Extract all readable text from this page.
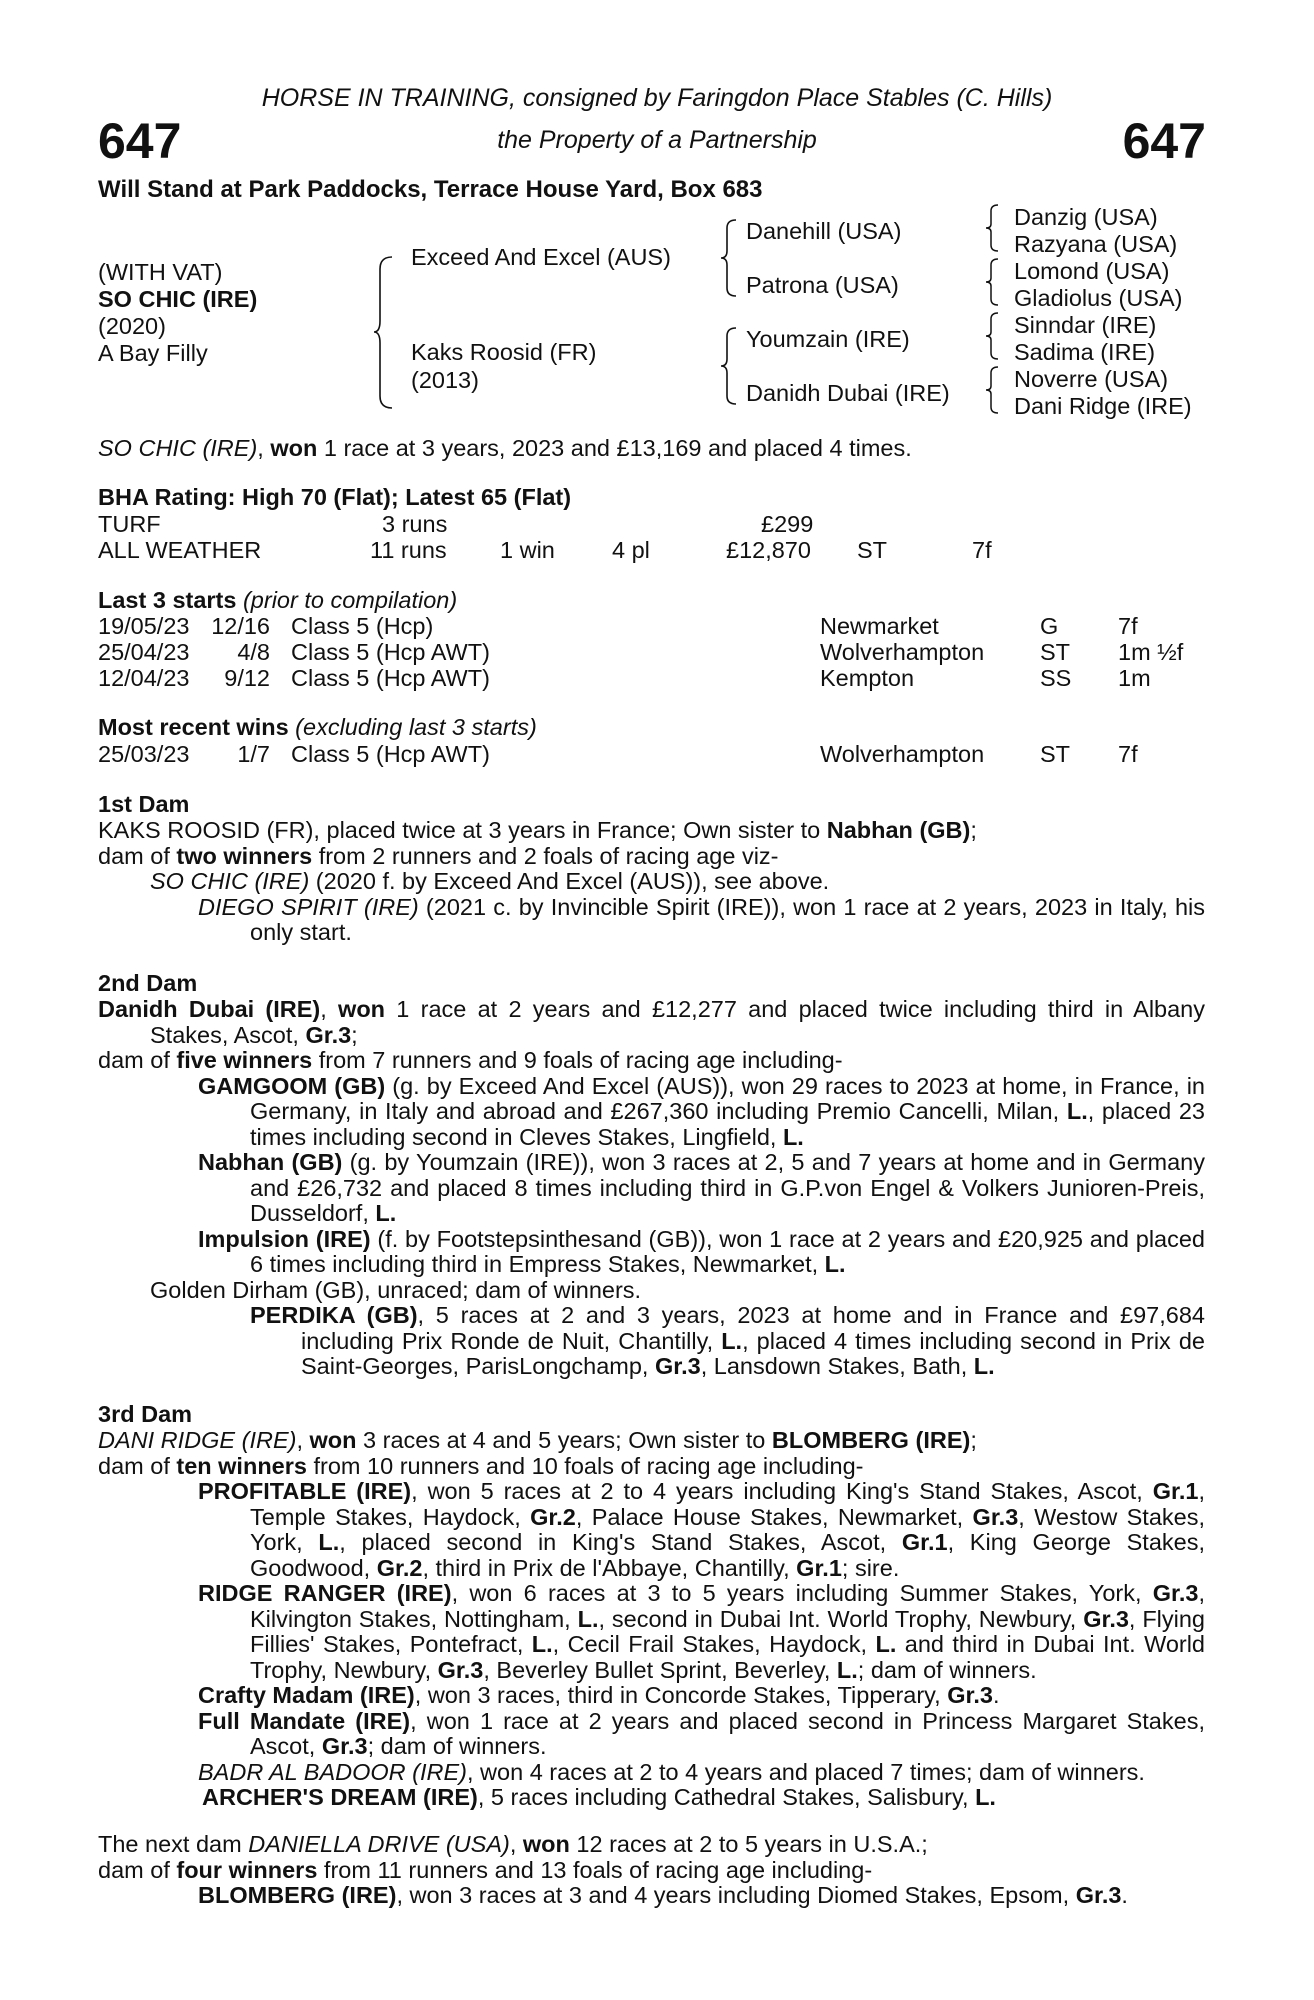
647	647
HORSE IN TRAINING, consigned by Faringdon Place Stables (C. Hills)
the Property of a Partnership
Will Stand at Park Paddocks, Terrace House Yard, Box 683
(WITH VAT)
SO CHIC (IRE)
(2020)
A Bay Filly
Exceed And Excel (AUS)
Kaks Roosid (FR)
(2013)
Danehill (USA)
Patrona (USA)
Youmzain (IRE)
Danidh Dubai (IRE)
Danzig (USA)
Razyana (USA)
Lomond (USA)
Gladiolus (USA)
Sinndar (IRE)
Sadima (IRE)
Noverre (USA)
Dani Ridge (IRE)
SO CHIC (IRE), won 1 race at 3 years, 2023 and £13,169 and placed 4 times.
BHA Rating: High 70 (Flat); Latest 65 (Flat)
TURF	3 runs	£299
ALL WEATHER	11 runs 1 win 4 pl	£12,870 ST	7f
Last 3 starts (prior to compilation)
19/05/23 12/16 Class 5 (Hcp)	Newmarket	G	7f
25/04/23	4/8 Class 5 (Hcp AWT)	Wolverhampton ST 1m ½f
12/04/23	9/12 Class 5 (Hcp AWT)	Kempton	SS 1m
Most recent wins (excluding last 3 starts)
25/03/23	1/7 Class 5 (Hcp AWT)	Wolverhampton ST 7f
1st Dam

KAKS ROOSID (FR), placed twice at 3 years in France; Own sister to Nabhan (GB);

dam of two winners from 2 runners and 2 foals of racing age viz-

SO CHIC (IRE) (2020 f. by Exceed And Excel (AUS)), see above.

DIEGO SPIRIT (IRE) (2021 c. by Invincible Spirit (IRE)), won 1 race at 2 years, 2023 in Italy, his only start.

2nd Dam

Danidh Dubai (IRE), won 1 race at 2 years and £12,277 and placed twice including third in Albany Stakes, Ascot, Gr.3;

dam of five winners from 7 runners and 9 foals of racing age including-

GAMGOOM (GB) (g. by Exceed And Excel (AUS)), won 29 races to 2023 at home, in France, in Germany, in Italy and abroad and £267,360 including Premio Cancelli, Milan, L., placed 23 times including second in Cleves Stakes, Lingfield, L.

Nabhan (GB) (g. by Youmzain (IRE)), won 3 races at 2, 5 and 7 years at home and in Germany and £26,732 and placed 8 times including third in G.P.von Engel & Volkers Junioren-Preis, Dusseldorf, L.

Impulsion (IRE) (f. by Footstepsinthesand (GB)), won 1 race at 2 years and £20,925 and placed 6 times including third in Empress Stakes, Newmarket, L.

Golden Dirham (GB), unraced; dam of winners.

PERDIKA (GB), 5 races at 2 and 3 years, 2023 at home and in France and £97,684 including Prix Ronde de Nuit, Chantilly, L., placed 4 times including second in Prix de Saint-Georges, ParisLongchamp, Gr.3, Lansdown Stakes, Bath, L.

3rd Dam

DANI RIDGE (IRE), won 3 races at 4 and 5 years; Own sister to BLOMBERG (IRE);

dam of ten winners from 10 runners and 10 foals of racing age including-

PROFITABLE (IRE), won 5 races at 2 to 4 years including King's Stand Stakes, Ascot, Gr.1, Temple Stakes, Haydock, Gr.2, Palace House Stakes, Newmarket, Gr.3, Westow Stakes, York, L., placed second in King's Stand Stakes, Ascot, Gr.1, King George Stakes, Goodwood, Gr.2, third in Prix de l'Abbaye, Chantilly, Gr.1; sire.

RIDGE RANGER (IRE), won 6 races at 3 to 5 years including Summer Stakes, York, Gr.3, Kilvington Stakes, Nottingham, L., second in Dubai Int. World Trophy, Newbury, Gr.3, Flying Fillies' Stakes, Pontefract, L., Cecil Frail Stakes, Haydock, L. and third in Dubai Int. World Trophy, Newbury, Gr.3, Beverley Bullet Sprint, Beverley, L.; dam of winners.

Crafty Madam (IRE), won 3 races, third in Concorde Stakes, Tipperary, Gr.3.

Full Mandate (IRE), won 1 race at 2 years and placed second in Princess Margaret Stakes, Ascot, Gr.3; dam of winners.

BADR AL BADOOR (IRE), won 4 races at 2 to 4 years and placed 7 times; dam of winners.

ARCHER'S DREAM (IRE), 5 races including Cathedral Stakes, Salisbury, L.

The next dam DANIELLA DRIVE (USA), won 12 races at 2 to 5 years in U.S.A.;

dam of four winners from 11 runners and 13 foals of racing age including-

BLOMBERG (IRE), won 3 races at 3 and 4 years including Diomed Stakes, Epsom, Gr.3.
